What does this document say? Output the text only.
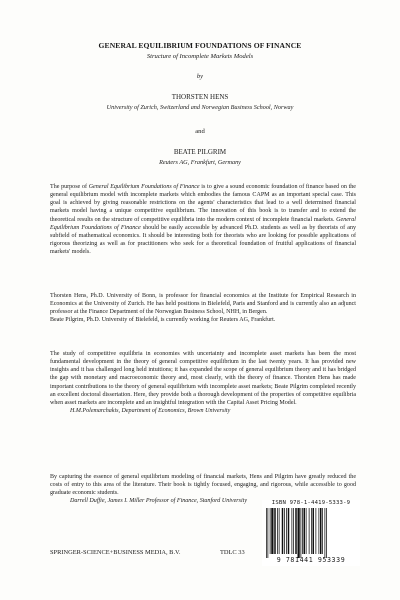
GENERAL EQUILIBRIUM FOUNDATIONS OF FINANCE
Structure of Incomplete Markets Models
by
THORSTEN HENS
University of Zurich, Switzerland and Norwegian Business School, Norway
and
BEATE PILGRIM
Reuters AG, Frankfurt, Germany

The purpose of General Equilibrium Foundations of Finance is to give a sound economic foundation of finance based on the general equilibrium model with incomplete markets which embodies the famous CAPM as an important special case. This goal is achieved by giving reasonable restrictions on the agents' characteristics that lead to a well determined financial markets model having a unique competitive equilibrium. The innovation of this book is to transfer and to extend the theoretical results on the structure of competitive equilibria into the modern context of incomplete financial markets. General Equilibrium Foundations of Finance should be easily accessible by advanced Ph.D. students as well as by theorists of any subfield of mathematical economics. It should be interesting both for theorists who are looking for possible applications of rigorous theorizing as well as for practitioners who seek for a theoretical foundation of fruitful applications of financial markets' models.

Thorsten Hens, Ph.D. University of Bonn, is professor for financial economics at the Institute for Empirical Research in Economics at the University of Zurich. He has held positions in Bielefeld, Paris and Stanford and is currently also an adjunct professor at the Finance Department of the Norwegian Business School, NHH, in Bergen.
Beate Pilgrim, Ph.D. University of Bielefeld, is currently working for Reuters AG, Frankfurt.

The study of competitive equilibria in economies with uncertainty and incomplete asset markets has been the most fundamental development in the theory of general competitive equilibrium in the last twenty years. It has provided new insights and it has challenged long held intuitions; it has expanded the scope of general equilibrium theory and it has bridged the gap with monetary and macroeconomic theory and, most clearly, with the theory of finance. Thorsten Hens has made important contributions to the theory of general equilibrium with incomplete asset markets; Beate Pilgrim completed recently an excellent doctoral dissertation. Here, they provide both a thorough development of the properties of competitive equilibria when asset markets are incomplete and an insightful integration with the Capital Asset Pricing Model.
H.M.Polemarchakis, Department of Economics, Brown University

By capturing the essence of general equilibrium modeling of financial markets, Hens and Pilgrim have greatly reduced the costs of entry to this area of the literature. Their book is tightly focused, engaging, and rigorous, while accessible to good graduate economic students.
Darrell Duffie, James I. Miller Professor of Finance, Stanford University	ISBN 978-1-4419-5333-9
9 781441 953339
SPRINGER-SCIENCE+BUSINESS MEDIA, B.V.	TDLC 33
